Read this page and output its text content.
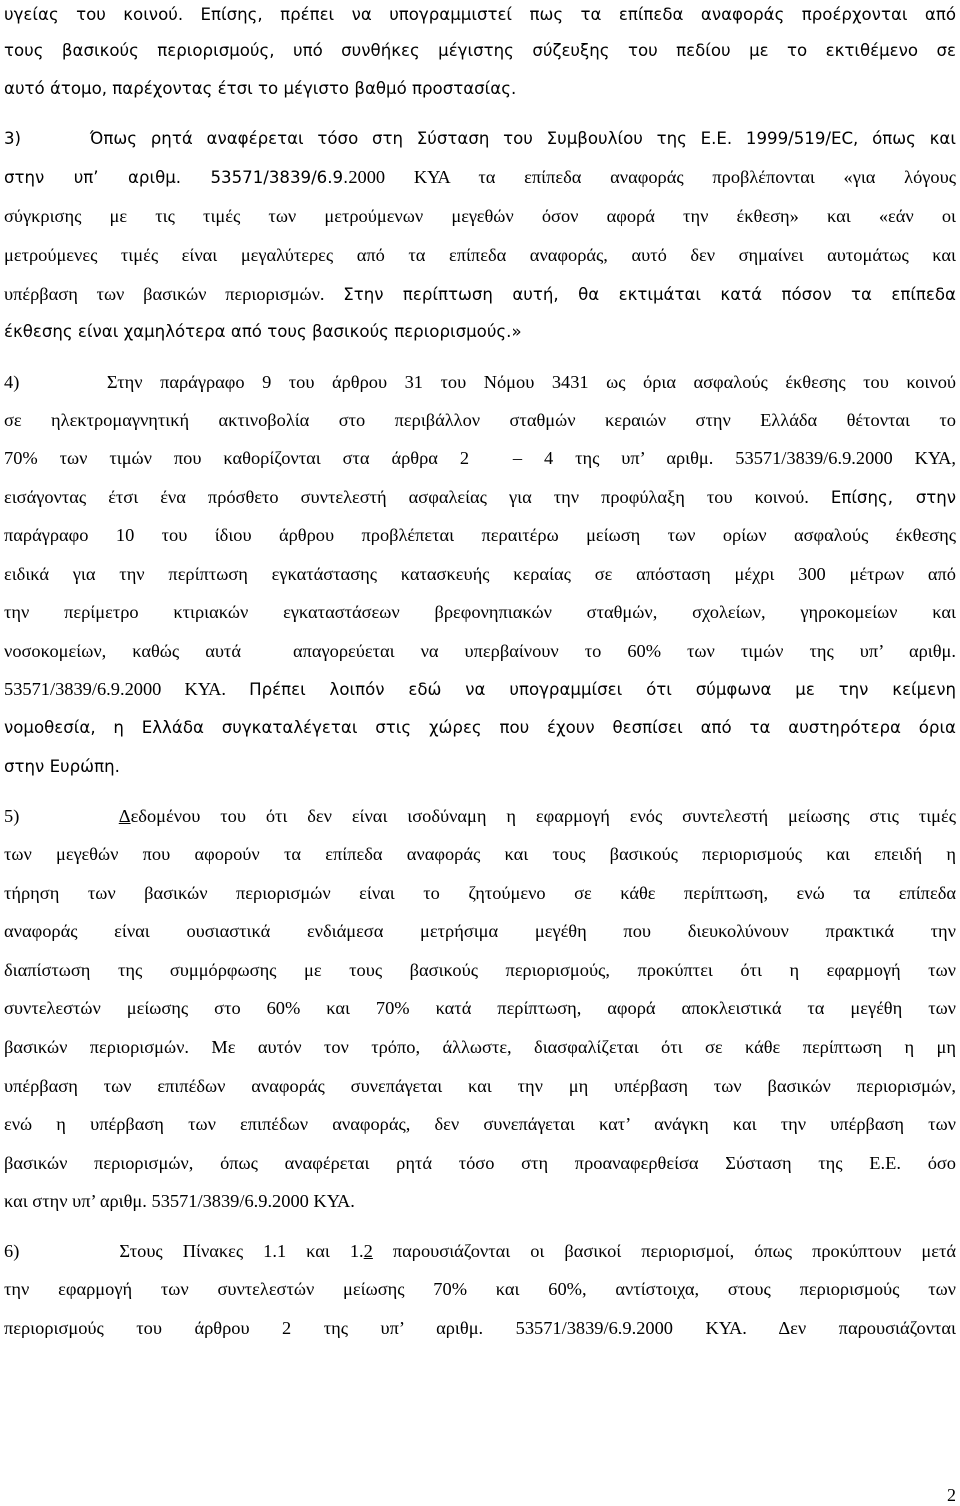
υγείας του κοινού. Επίσης, πρέπει να υπογραμμιστεί πως τα επίπεδα αναφοράς προέρχονται από
τους βασικούς περιορισμούς, υπό συνθήκες μέγιστης σύζευξης του πεδίου με το εκτιθέμενο σε
αυτό άτομο, παρέχοντας έτσι το μέγιστο βαθμό προστασίας.
3)     Όπως ρητά αναφέρεται τόσο στη Σύσταση του Συμβουλίου της Ε.Ε. 1999/519/ΕC, όπως και
στην υπ’ αριθμ. 53571/3839/6.9.2000 ΚΥΑ τα επίπεδα αναφοράς προβλέπονται «για λόγους
σύγκρισης με τις τιμές των μετρούμενων μεγεθών όσον αφορά την έκθεση» και «εάν οι
μετρούμενες τιμές είναι μεγαλύτερες από τα επίπεδα αναφοράς, αυτό δεν σημαίνει αυτομάτως και
υπέρβαση των βασικών περιορισμών. Στην περίπτωση αυτή, θα εκτιμάται κατά πόσον τα επίπεδα
έκθεσης είναι χαμηλότερα από τους βασικούς περιορισμούς.»
4)     Στην παράγραφο 9 του άρθρου 31 του Νόμου 3431 ως όρια ασφαλούς έκθεσης του κοινού
σε ηλεκτρομαγνητική ακτινοβολία στο περιβάλλον σταθμών κεραιών στην Ελλάδα θέτονται το
70% των τιμών που καθορίζονται στα άρθρα 2  – 4 της υπ’ αριθμ. 53571/3839/6.9.2000 ΚΥΑ,
εισάγοντας έτσι ένα πρόσθετο συντελεστή ασφαλείας για την προφύλαξη του κοινού. Επίσης, στην
παράγραφο 10 του ίδιου άρθρου προβλέπεται περαιτέρω μείωση των ορίων ασφαλούς έκθεσης
ειδικά για την περίπτωση εγκατάστασης κατασκευής κεραίας σε απόσταση μέχρι 300 μέτρων από
την περίμετρο κτιριακών εγκαταστάσεων βρεφονηπιακών σταθμών, σχολείων, γηροκομείων και
νοσοκομείων, καθώς αυτά  απαγορεύεται να υπερβαίνουν το 60% των τιμών της υπ’ αριθμ.
53571/3839/6.9.2000 ΚΥΑ. Πρέπει λοιπόν εδώ να υπογραμμίσει ότι σύμφωνα με την κείμενη
νομοθεσία, η Ελλάδα συγκαταλέγεται στις χώρες που έχουν θεσπίσει από τα αυστηρότερα όρια
στην Ευρώπη.
5)     Δεδομένου του ότι δεν είναι ισοδύναμη η εφαρμογή ενός συντελεστή μείωσης στις τιμές
των μεγεθών που αφορούν τα επίπεδα αναφοράς και τους βασικούς περιορισμούς και επειδή η
τήρηση των βασικών περιορισμών είναι το ζητούμενο σε κάθε περίπτωση, ενώ τα επίπεδα
αναφοράς είναι ουσιαστικά ενδιάμεσα μετρήσιμα μεγέθη που διευκολύνουν πρακτικά την
διαπίστωση της συμμόρφωσης με τους βασικούς περιορισμούς, προκύπτει ότι η εφαρμογή των
συντελεστών μείωσης στο 60% και 70% κατά περίπτωση, αφορά αποκλειστικά τα μεγέθη των
βασικών περιορισμών. Με αυτόν τον τρόπο, άλλωστε, διασφαλίζεται ότι σε κάθε περίπτωση η μη
υπέρβαση των επιπέδων αναφοράς συνεπάγεται και την μη υπέρβαση των βασικών περιορισμών,
ενώ η υπέρβαση των επιπέδων αναφοράς, δεν συνεπάγεται κατ’ ανάγκη και την υπέρβαση των
βασικών περιορισμών, όπως αναφέρεται ρητά τόσο στη προαναφερθείσα Σύσταση της Ε.Ε. όσο
και στην υπ’ αριθμ. 53571/3839/6.9.2000 ΚΥΑ.
6)     Στους Πίνακες 1.1 και 1.2 παρουσιάζονται οι βασικοί περιορισμοί, όπως προκύπτουν μετά
την εφαρμογή των συντελεστών μείωσης 70% και 60%, αντίστοιχα, στους περιορισμούς των
περιορισμούς του άρθρου 2 της υπ’ αριθμ. 53571/3839/6.9.2000 ΚΥΑ. Δεν παρουσιάζονται
2
